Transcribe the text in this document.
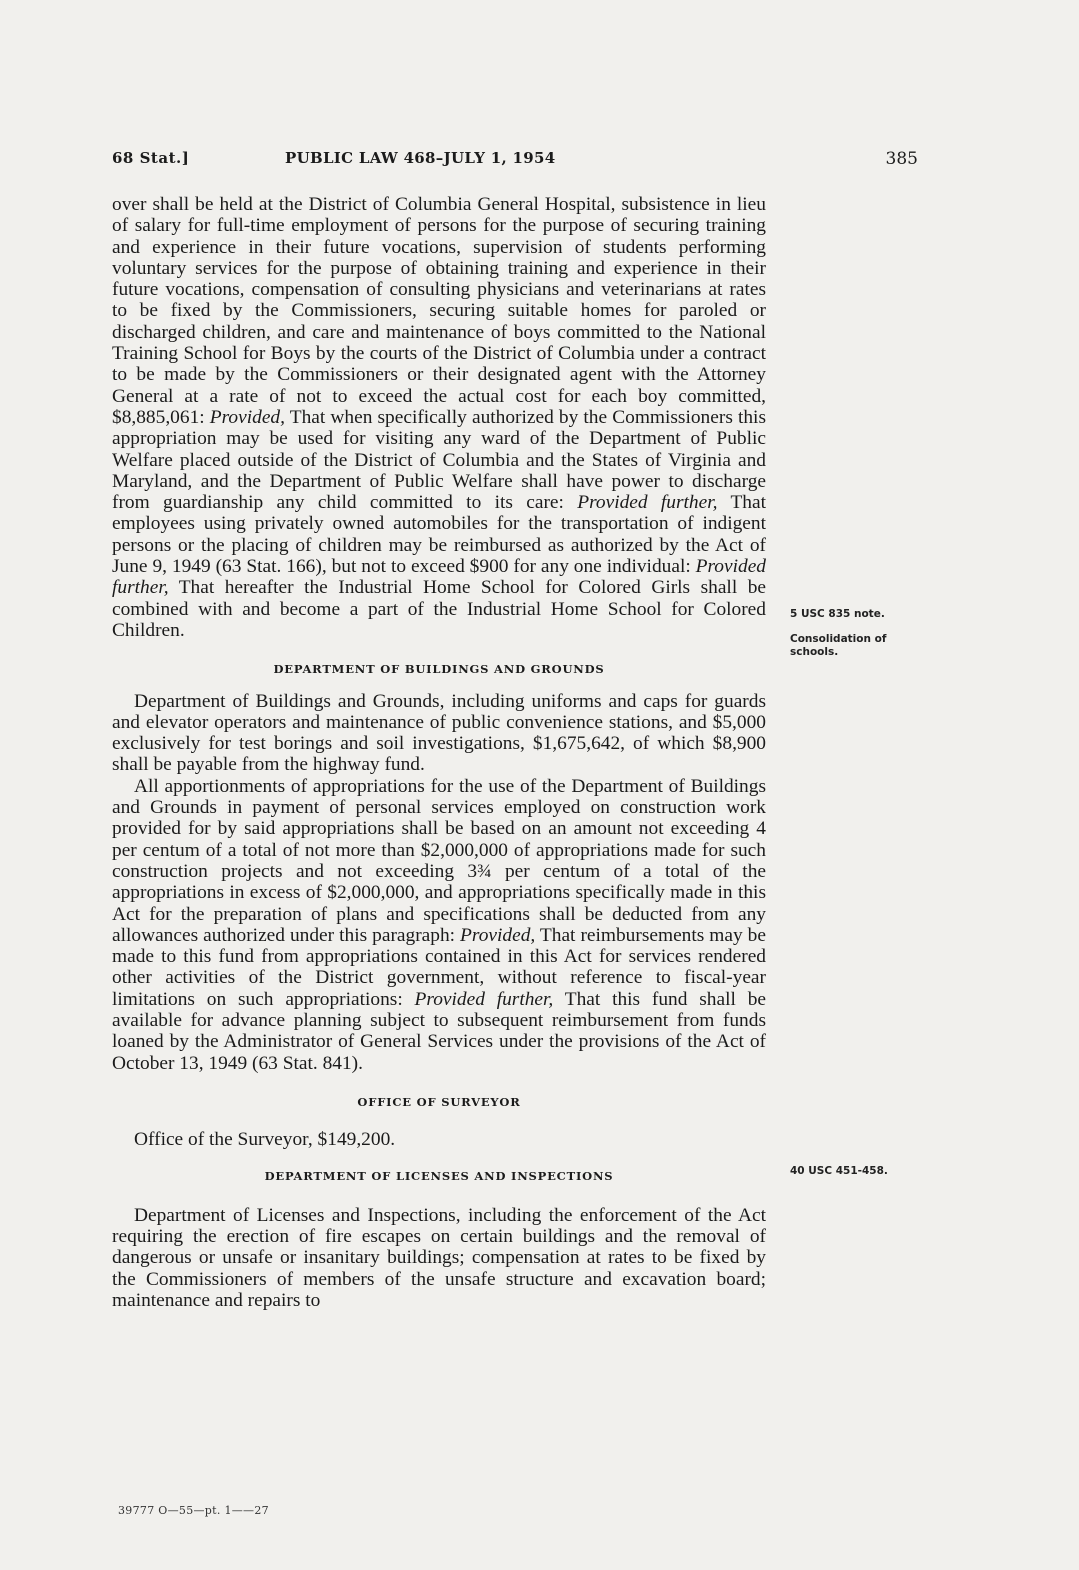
68 Stat.]	PUBLIC LAW 468–JULY 1, 1954	385

over shall be held at the District of Columbia General Hospital, subsistence in lieu of salary for full-time employment of persons for the purpose of securing training and experience in their future vocations, supervision of students performing voluntary services for the purpose of obtaining training and experience in their future vocations, compensation of consulting physicians and veterinarians at rates to be fixed by the Commissioners, securing suitable homes for paroled or discharged children, and care and maintenance of boys committed to the National Training School for Boys by the courts of the District of Columbia under a contract to be made by the Commissioners or their designated agent with the Attorney General at a rate of not to exceed the actual cost for each boy committed, $8,885,061: Provided, That when specifically authorized by the Commissioners this appropriation may be used for visiting any ward of the Department of Public Welfare placed outside of the District of Columbia and the States of Virginia and Maryland, and the Department of Public Welfare shall have power to discharge from guardianship any child committed to its care: Provided further, That employees using privately owned automobiles for the transportation of indigent persons or the placing of children may be reimbursed as authorized by the Act of June 9, 1949 (63 Stat. 166), but not to exceed $900 for any one individual: Provided further, That hereafter the Industrial Home School for Colored Girls shall be combined with and become a part of the Industrial Home School for Colored Children.

DEPARTMENT OF BUILDINGS AND GROUNDS

Department of Buildings and Grounds, including uniforms and caps for guards and elevator operators and maintenance of public convenience stations, and $5,000 exclusively for test borings and soil investigations, $1,675,642, of which $8,900 shall be payable from the highway fund.

All apportionments of appropriations for the use of the Department of Buildings and Grounds in payment of personal services employed on construction work provided for by said appropriations shall be based on an amount not exceeding 4 per centum of a total of not more than $2,000,000 of appropriations made for such construction projects and not exceeding 3¾ per centum of a total of the appropriations in excess of $2,000,000, and appropriations specifically made in this Act for the preparation of plans and specifications shall be deducted from any allowances authorized under this paragraph: Provided, That reimbursements may be made to this fund from appropriations contained in this Act for services rendered other activities of the District government, without reference to fiscal-year limitations on such appropriations: Provided further, That this fund shall be available for advance planning subject to subsequent reimbursement from funds loaned by the Administrator of General Services under the provisions of the Act of October 13, 1949 (63 Stat. 841).

OFFICE OF SURVEYOR

Office of the Surveyor, $149,200.

DEPARTMENT OF LICENSES AND INSPECTIONS

Department of Licenses and Inspections, including the enforcement of the Act requiring the erection of fire escapes on certain buildings and the removal of dangerous or unsafe or insanitary buildings; compensation at rates to be fixed by the Commissioners of members of the unsafe structure and excavation board; maintenance and repairs to

5 USC 835 note.
Consolidation of schools.
40 USC 451-458.
39777 O—55—pt. 1——27
